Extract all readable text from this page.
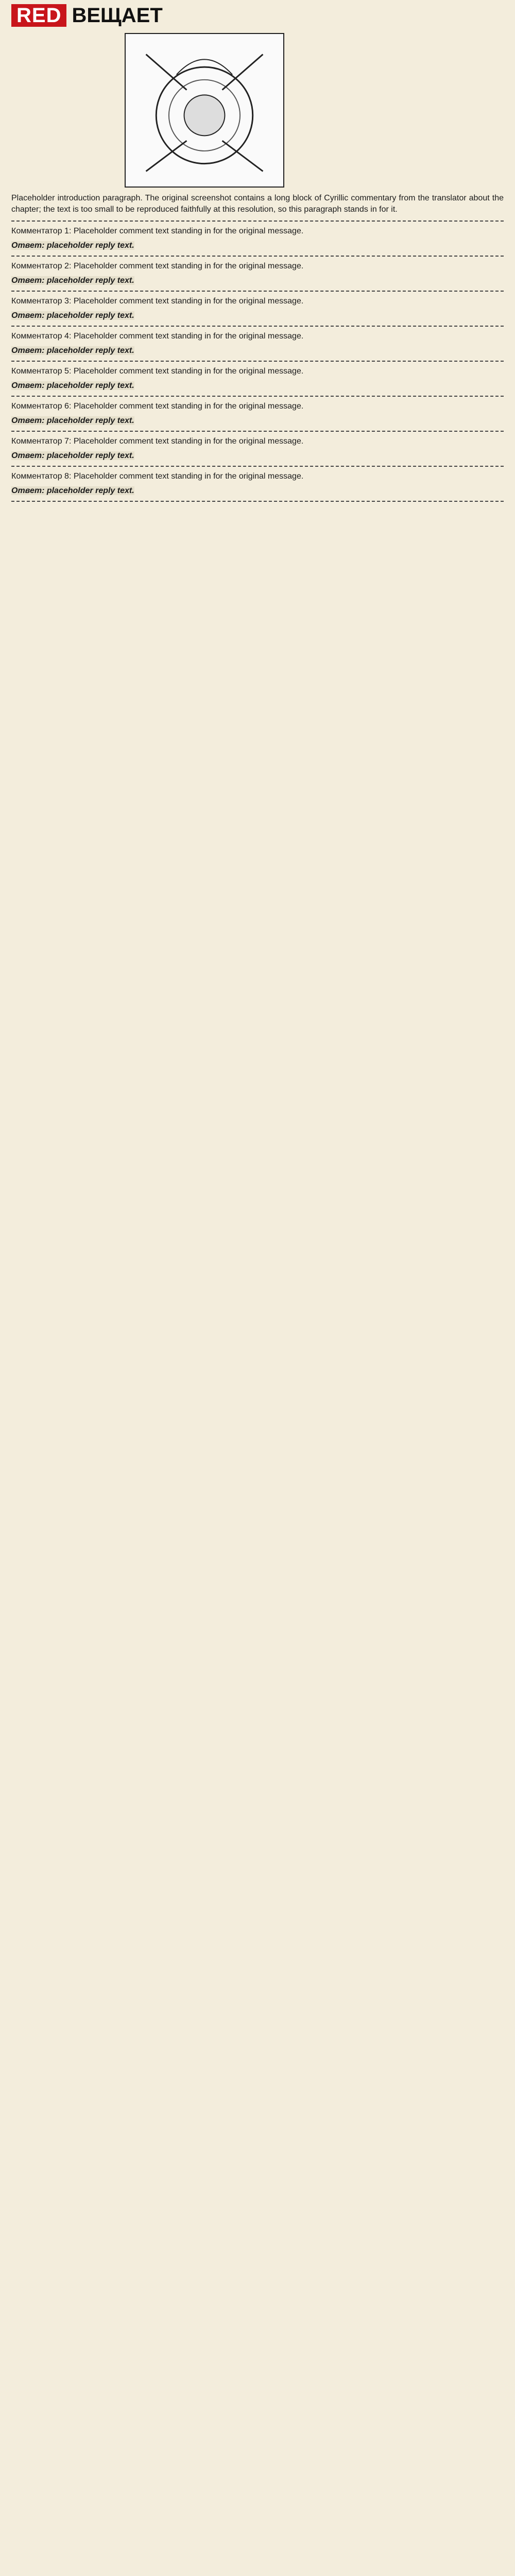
RED ВЕЩАЕТ
Placeholder introduction paragraph. The original screenshot contains a long block of Cyrillic commentary from the translator about the chapter; the text is too small to be reproduced faithfully at this resolution, so this paragraph stands in for it.

Комментатор 1 : Placeholder comment text standing in for the original message.

Ответ: placeholder reply text.

Комментатор 2 : Placeholder comment text standing in for the original message.

Ответ: placeholder reply text.

Комментатор 3 : Placeholder comment text standing in for the original message.

Ответ: placeholder reply text.

Комментатор 4 : Placeholder comment text standing in for the original message.

Ответ: placeholder reply text.

Комментатор 5 : Placeholder comment text standing in for the original message.

Ответ: placeholder reply text.

Комментатор 6 : Placeholder comment text standing in for the original message.

Ответ: placeholder reply text.

Комментатор 7 : Placeholder comment text standing in for the original message.

Ответ: placeholder reply text.

Комментатор 8 : Placeholder comment text standing in for the original message.

Ответ: placeholder reply text.
